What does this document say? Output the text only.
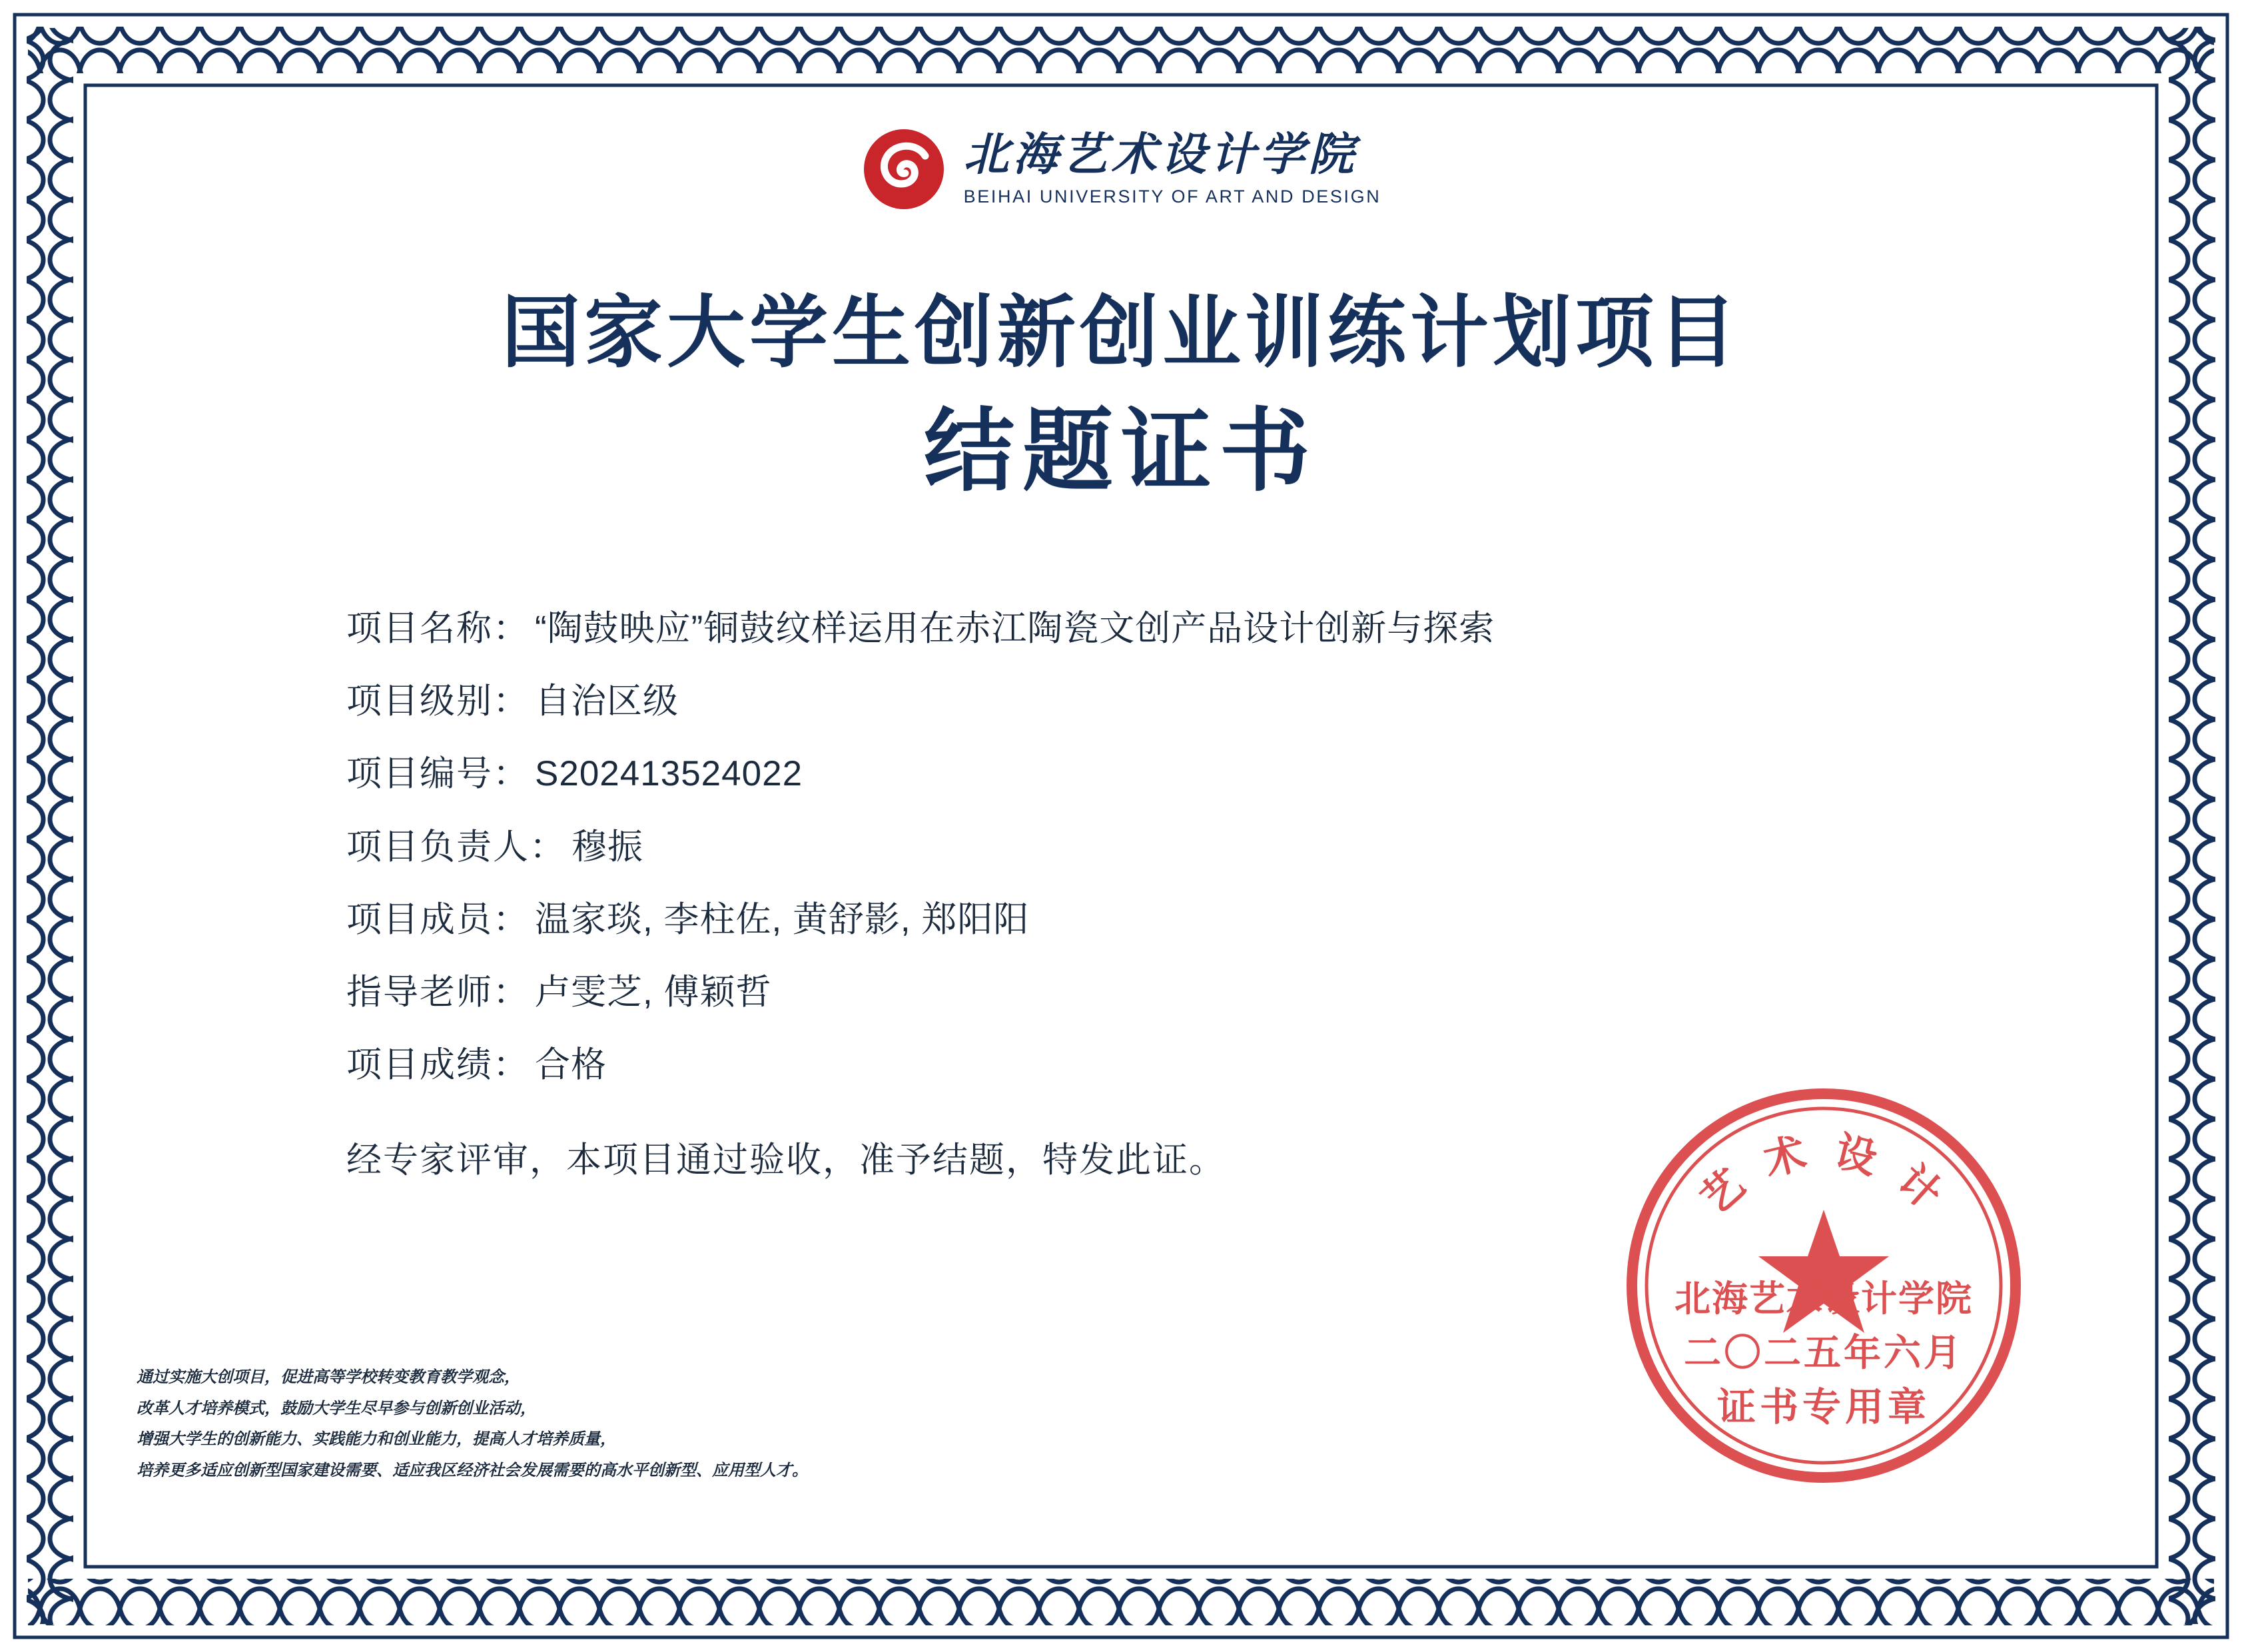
北海艺术设计学院
BEIHAI UNIVERSITY OF ART AND DESIGN
国家大学生创新创业训练计划项目
结题证书
项目名称： “陶鼓映应”铜鼓纹样运用在赤江陶瓷文创产品设计创新与探索
项目级别： 自治区级
项目编号： S202413524022
项目负责人： 穆振
项目成员： 温家琰, 李柱佐, 黄舒影, 郑阳阳
指导老师： 卢雯芝, 傅颖哲
项目成绩： 合格
经专家评审，本项目通过验收，准予结题，特发此证。
通过实施大创项目，促进高等学校转变教育教学观念，
改革人才培养模式，鼓励大学生尽早参与创新创业活动，
增强大学生的创新能力、实践能力和创业能力，提高人才培养质量，
培养更多适应创新型国家建设需要、适应我区经济社会发展需要的高水平创新型、应用型人才。
艺 术 设 计
北海艺术设计学院
二〇二五年六月
证书专用章
